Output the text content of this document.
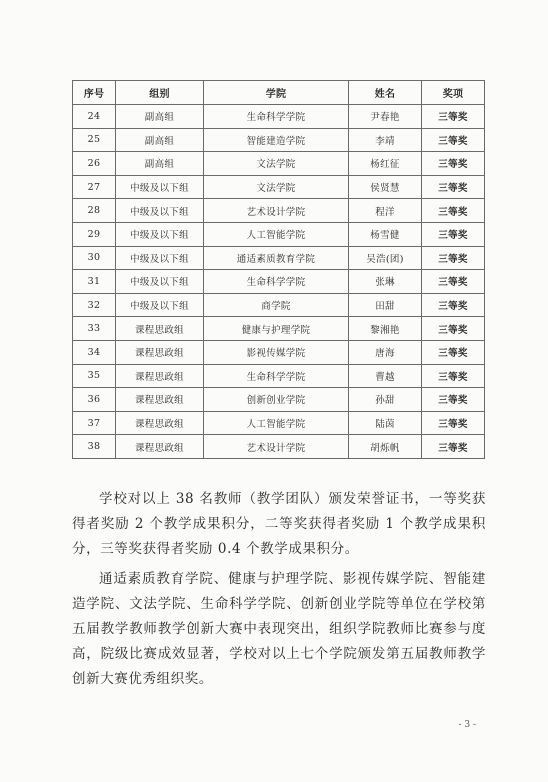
序号	组别	学院	姓名	奖项
24	副高组	生命科学学院	尹春艳	三等奖
25	副高组	智能建造学院	李靖	三等奖
26	副高组	文法学院	杨红征	三等奖
27	中级及以下组	文法学院	侯贤慧	三等奖
28	中级及以下组	艺术设计学院	程洋	三等奖
29	中级及以下组	人工智能学院	杨雪健	三等奖
30	中级及以下组	通适素质教育学院	吴浩(团)	三等奖
31	中级及以下组	生命科学学院	张琳	三等奖
32	中级及以下组	商学院	田甜	三等奖
33	课程思政组	健康与护理学院	黎湘艳	三等奖
34	课程思政组	影视传媒学院	唐海	三等奖
35	课程思政组	生命科学学院	曹越	三等奖
36	课程思政组	创新创业学院	孙甜	三等奖
37	课程思政组	人工智能学院	陆茵	三等奖
38	课程思政组	艺术设计学院	胡烁帆	三等奖

学校对以上 38 名教师（教学团队）颁发荣誉证书，一等奖获得者奖励 2 个教学成果积分，二等奖获得者奖励 1 个教学成果积分，三等奖获得者奖励 0.4 个教学成果积分。

通适素质教育学院、健康与护理学院、影视传媒学院、智能建造学院、文法学院、生命科学学院、创新创业学院等单位在学校第五届教学教师教学创新大赛中表现突出，组织学院教师比赛参与度高，院级比赛成效显著，学校对以上七个学院颁发第五届教师教学创新大赛优秀组织奖。

- 3 -
